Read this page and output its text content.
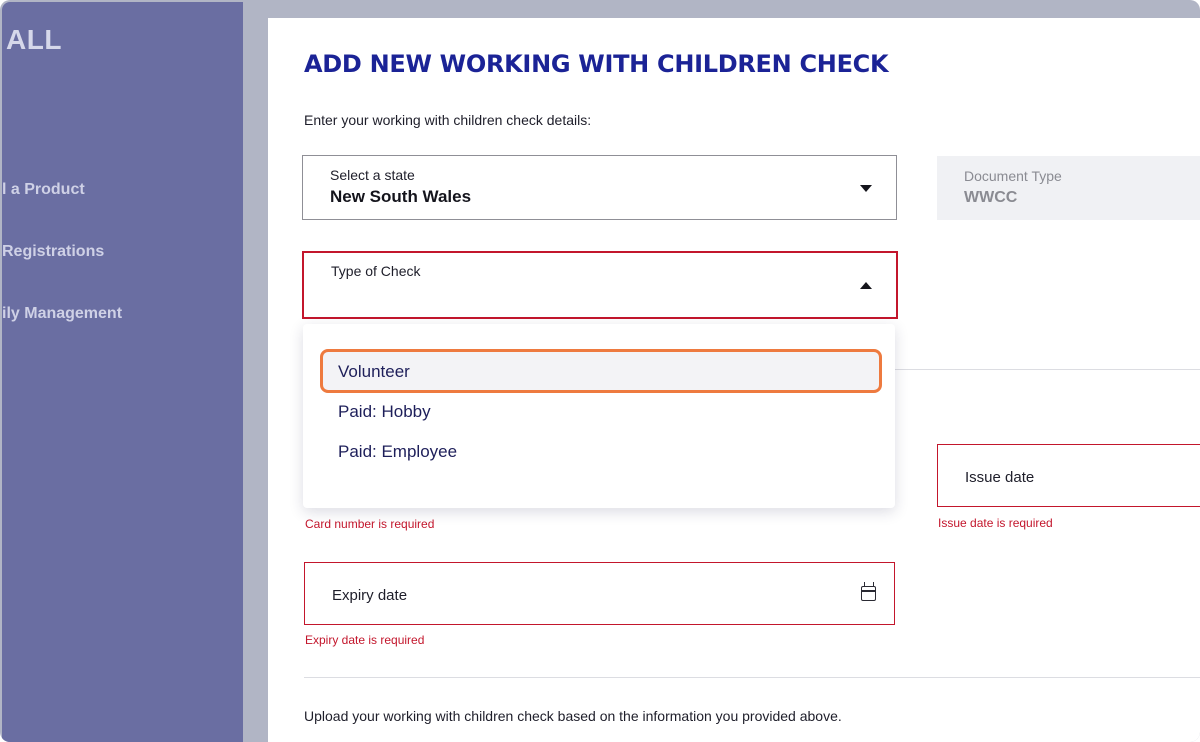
ALL
l a Product
Registrations
ily Management
ADD NEW WORKING WITH CHILDREN CHECK
Enter your working with children check details:
Select a state
New South Wales
Document Type
WWCC
Type of Check
Card number is required
Issue date
Issue date is required
Expiry date
Expiry date is required
Upload your working with children check based on the information you provided above.
Volunteer
Paid: Hobby
Paid: Employee
